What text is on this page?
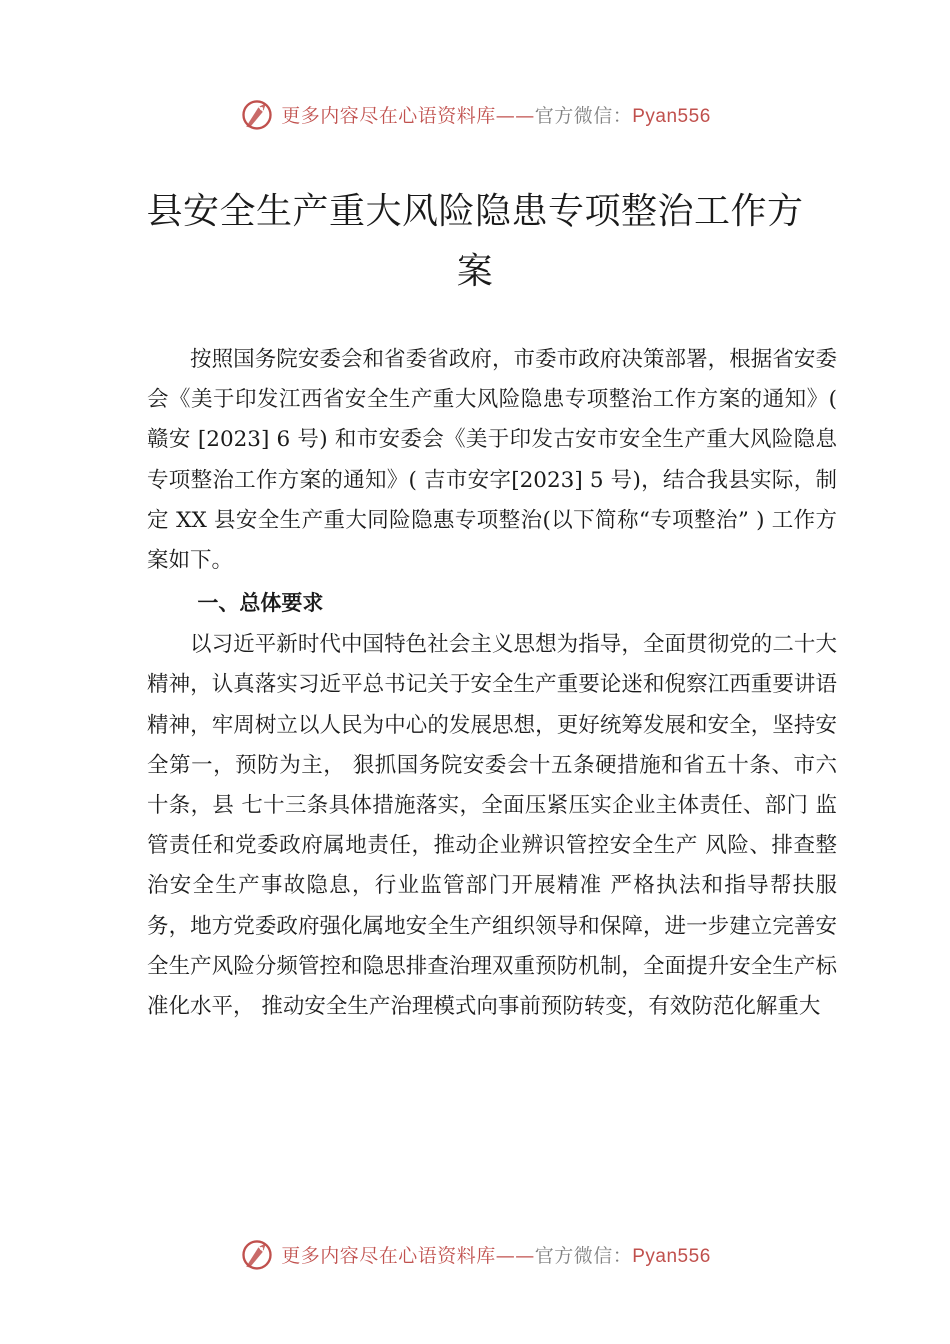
更多内容尽在心语资料库——官方微信：Pyan556
县安全生产重大风险隐患专项整治工作方案

按照国务院安委会和省委省政府，市委市政府决策部署，根据省安委会《美于印发江西省安全生产重大风险隐患专项整治工作方案的通知》( 赣安 [2023] 6 号) 和市安委会《美于印发古安市安全生产重大风险隐息专项整治工作方案的通知》( 吉市安字[2023] 5 号)，结合我县实际，制定 XX 县安全生产重大同险隐惠专项整治(以下简称“专项整治” ) 工作方案如下。

一、总体要求

以习近平新时代中国特色社会主义思想为指导，全面贯彻党的二十大精神，认真落实习近平总书记关于安全生产重要论迷和倪察江西重要讲语精神，牢周树立以人民为中心的发展思想，更好统筹发展和安全，坚持安全第一，预防为主， 狠抓国务院安委会十五条硬措施和省五十条、市六十条，县 七十三条具体措施落实，全面压紧压实企业主体责任、部门 监管责任和党委政府属地责任，推动企业辨识管控安全生产 风险、排查整治安全生产事故隐息，行业监管部门开展精准 严格执法和指导帮扶服务，地方党委政府强化属地安全生产组织领导和保障，进一步建立完善安全生产风险分频管控和隐思排查治理双重预防机制，全面提升安全生产标准化水平， 推动安全生产治理模式向事前预防转变，有效防范化解重大

更多内容尽在心语资料库——官方微信：Pyan556
